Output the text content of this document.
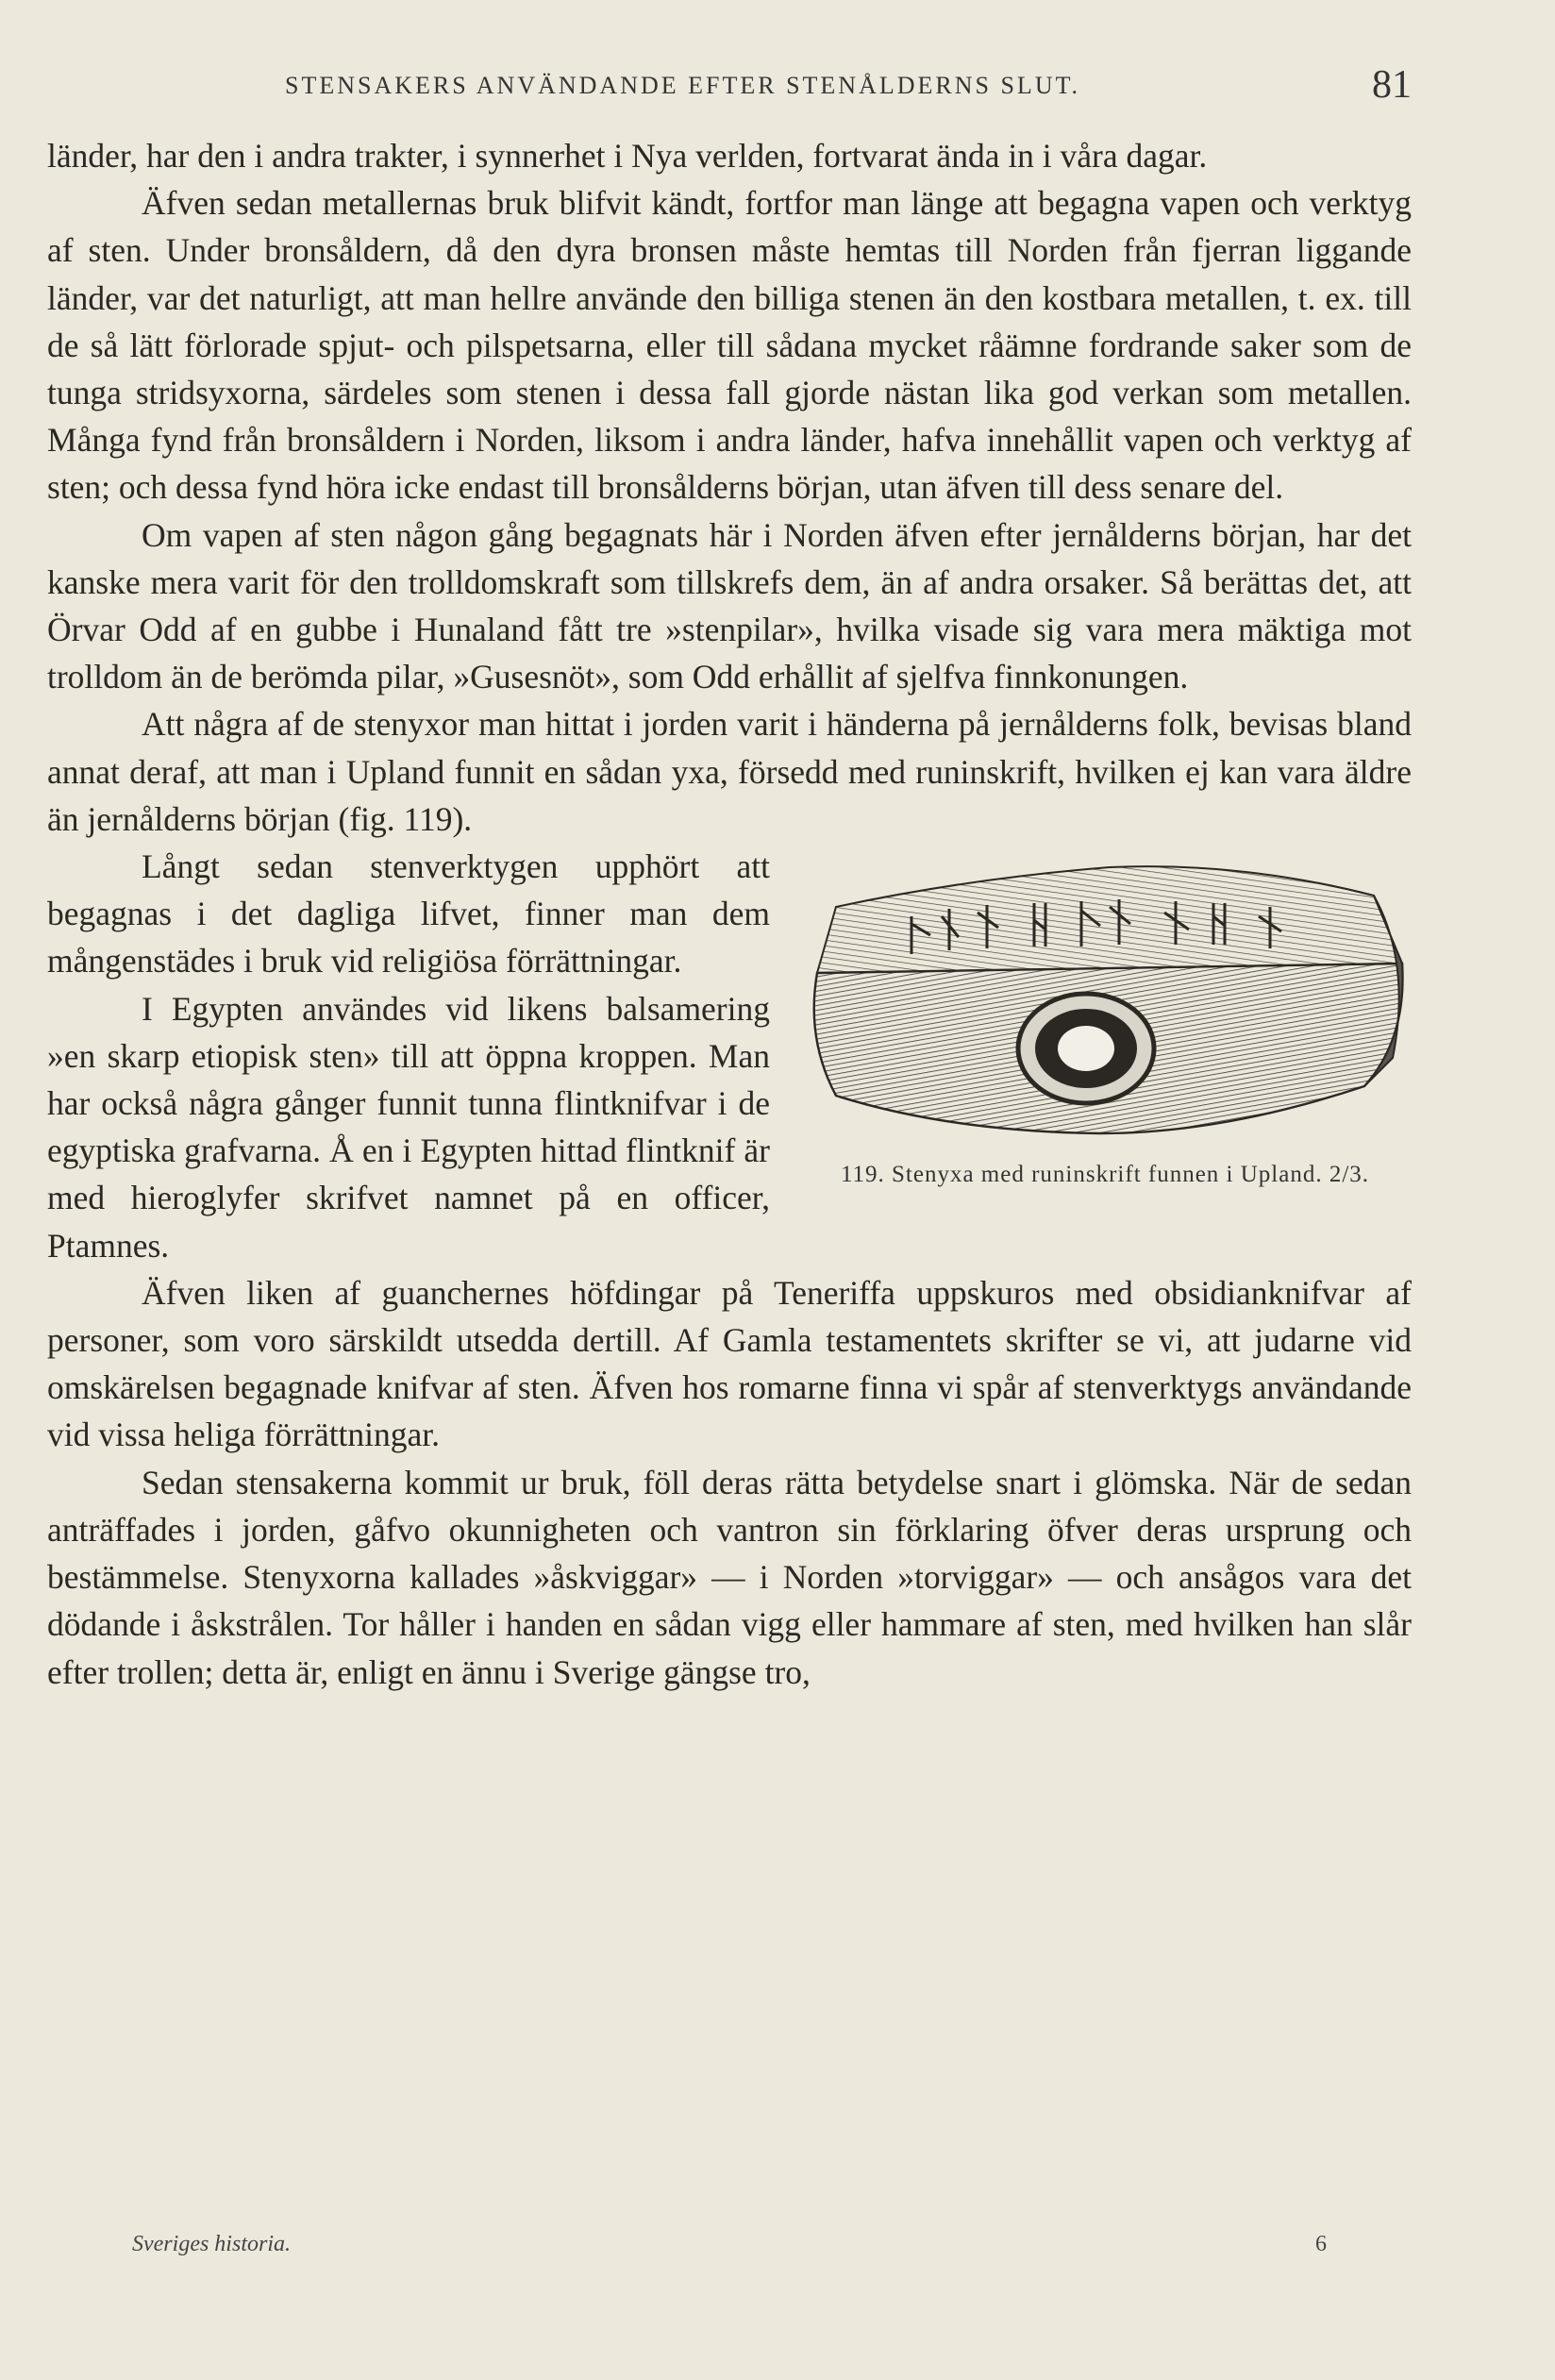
STENSAKERS ANVÄNDANDE EFTER STENÅLDERNS SLUT.	81

länder, har den i andra trakter, i synnerhet i Nya verlden, fortvarat ända in i våra dagar.

Äfven sedan metallernas bruk blifvit kändt, fortfor man länge att begagna vapen och verktyg af sten. Under bronsåldern, då den dyra bronsen måste hemtas till Norden från fjerran liggande länder, var det naturligt, att man hellre använde den billiga stenen än den kostbara metallen, t. ex. till de så lätt förlorade spjut- och pilspetsarna, eller till sådana mycket råämne fordrande saker som de tunga stridsyxorna, särdeles som stenen i dessa fall gjorde nästan lika god verkan som metallen. Många fynd från bronsåldern i Norden, liksom i andra länder, hafva innehållit vapen och verktyg af sten; och dessa fynd höra icke endast till bronsålderns början, utan äfven till dess senare del.

Om vapen af sten någon gång begagnats här i Norden äfven efter jernålderns början, har det kanske mera varit för den trolldomskraft som tillskrefs dem, än af andra orsaker. Så berättas det, att Örvar Odd af en gubbe i Hunaland fått tre »stenpilar», hvilka visade sig vara mera mäktiga mot trolldom än de berömda pilar, »Gusesnöt», som Odd erhållit af sjelfva finnkonungen.

Att några af de stenyxor man hittat i jorden varit i händerna på jernålderns folk, bevisas bland annat deraf, att man i Upland funnit en sådan yxa, försedd med runinskrift, hvilken ej kan vara äldre än jernålderns början (fig. 119).

119. Stenyxa med runinskrift funnen i Upland. 2/3.

Långt sedan stenverktygen upphört att begagnas i det dagliga lifvet, finner man dem mångenstädes i bruk vid religiösa förrättningar.

I Egypten användes vid likens balsamering »en skarp etiopisk sten» till att öppna kroppen. Man har också några gånger funnit tunna flintknifvar i de egyptiska grafvarna. Å en i Egypten hittad flintknif är med hieroglyfer skrifvet namnet på en officer, Ptamnes.

Äfven liken af guanchernes höfdingar på Teneriffa uppskuros med obsidianknifvar af personer, som voro särskildt utsedda dertill. Af Gamla testamentets skrifter se vi, att judarne vid omskärelsen begagnade knifvar af sten. Äfven hos romarne finna vi spår af stenverktygs användande vid vissa heliga förrättningar.

Sedan stensakerna kommit ur bruk, föll deras rätta betydelse snart i glömska. När de sedan anträffades i jorden, gåfvo okunnigheten och vantron sin förklaring öfver deras ursprung och bestämmelse. Stenyxorna kallades »åskviggar» — i Norden »torviggar» — och ansågos vara det dödande i åskstrålen. Tor håller i handen en sådan vigg eller hammare af sten, med hvilken han slår efter trollen; detta är, enligt en ännu i Sverige gängse tro,

Sveriges historia.	6
